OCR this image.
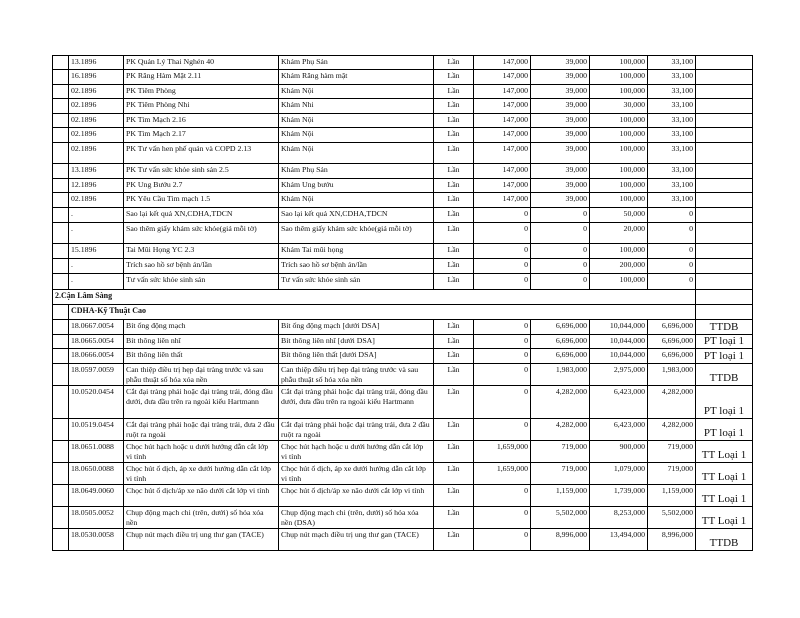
	13.1896	PK Quản Lý Thai Nghén 40	Khám Phụ Sản	Lần	147,000	39,000	100,000	33,100	

	16.1896	PK Răng Hàm Mặt 2.11	Khám Răng hàm mặt	Lần	147,000	39,000	100,000	33,100	

	02.1896	PK Tiêm Phòng	Khám Nội	Lần	147,000	39,000	100,000	33,100	

	02.1896	PK Tiêm Phòng Nhi	Khám Nhi	Lần	147,000	39,000	30,000	33,100	

	02.1896	PK Tim Mạch 2.16	Khám Nội	Lần	147,000	39,000	100,000	33,100	

	02.1896	PK Tim Mạch 2.17	Khám Nội	Lần	147,000	39,000	100,000	33,100	

	02.1896	PK Tư vấn hen phế quản và COPD 2.13	Khám Nội	Lần	147,000	39,000	100,000	33,100	

	13.1896	PK Tư vấn sức khỏe sinh sản 2.5	Khám Phụ Sản	Lần	147,000	39,000	100,000	33,100	

	12.1896	PK Ung Bướu 2.7	Khám Ung bướu	Lần	147,000	39,000	100,000	33,100	

	02.1896	PK Yêu Cầu Tim mạch 1.5	Khám Nội	Lần	147,000	39,000	100,000	33,100	

	.	Sao lại kết quả XN,CDHA,TDCN	Sao lại kết quả XN,CDHA,TDCN	Lần	0	0	50,000	0	

	.	Sao thêm giấy khám sức khỏe(giá mỗi tờ)	Sao thêm giấy khám sức khỏe(giá mỗi tờ)	Lần	0	0	20,000	0	

	15.1896	Tai Mũi Họng YC 2.3	Khám Tai mũi họng	Lần	0	0	100,000	0	

	.	Trích sao hồ sơ bệnh án/lần	Trích sao hồ sơ bệnh án/lần	Lần	0	0	200,000	0	

	.	Tư vấn sức khỏe sinh sản	Tư vấn sức khỏe sinh sản	Lần	0	0	100,000	0	

2.Cận Lâm Sàng									

	CDHA-Kỹ Thuật Cao								

	18.0667.0054	Bít ống động mạch	Bít ống động mạch [dưới DSA]	Lần	0	6,696,000	10,044,000	6,696,000	TTDB

	18.0665.0054	Bít thông liên nhĩ	Bít thông liên nhĩ [dưới DSA]	Lần	0	6,696,000	10,044,000	6,696,000	PT loại 1

	18.0666.0054	Bít thông liên thất	Bít thông liên thất [dưới DSA]	Lần	0	6,696,000	10,044,000	6,696,000	PT loại 1

	18.0597.0059	Can thiệp điều trị hẹp đại tràng trước và sau phẫu thuật số hóa xóa nền	Can thiệp điều trị hẹp đại tràng trước và sau phẫu thuật số hóa xóa nền	Lần	0	1,983,000	2,975,000	1,983,000	TTDB

	10.0520.0454	Cắt đại tràng phải hoặc đại tràng trái, đóng đầu dưới, đưa đầu trên ra ngoài kiểu Hartmann	Cắt đại tràng phải hoặc đại tràng trái, đóng đầu dưới, đưa đầu trên ra ngoài kiểu Hartmann	Lần	0	4,282,000	6,423,000	4,282,000	PT loại 1

	10.0519.0454	Cắt đại tràng phải hoặc đại tràng trái, đưa 2 đầu ruột ra ngoài	Cắt đại tràng phải hoặc đại tràng trái, đưa 2 đầu ruột ra ngoài	Lần	0	4,282,000	6,423,000	4,282,000	PT loại 1

	18.0651.0088	Chọc hút hạch hoặc u dưới hướng dẫn cắt lớp vi tính	Chọc hút hạch hoặc u dưới hướng dẫn cắt lớp vi tính	Lần	1,659,000	719,000	900,000	719,000	TT Loại 1

	18.0650.0088	Chọc hút ổ dịch, áp xe dưới hướng dẫn cắt lớp vi tính	Chọc hút ổ dịch, áp xe dưới hướng dẫn cắt lớp vi tính	Lần	1,659,000	719,000	1,079,000	719,000	TT Loại 1

	18.0649.0060	Chọc hút ổ dịch/áp xe não dưới cắt lớp vi tính	Chọc hút ổ dịch/áp xe não dưới cắt lớp vi tính	Lần	0	1,159,000	1,739,000	1,159,000	TT Loại 1

	18.0505.0052	Chụp động mạch chi (trên, dưới) số hóa xóa nền	Chụp động mạch chi (trên, dưới) số hóa xóa nền (DSA)	Lần	0	5,502,000	8,253,000	5,502,000	TT Loại 1

	18.0530.0058	Chụp nút mạch điều trị ung thư gan (TACE)	Chụp nút mạch điều trị ung thư gan (TACE)	Lần	0	8,996,000	13,494,000	8,996,000	TTDB
